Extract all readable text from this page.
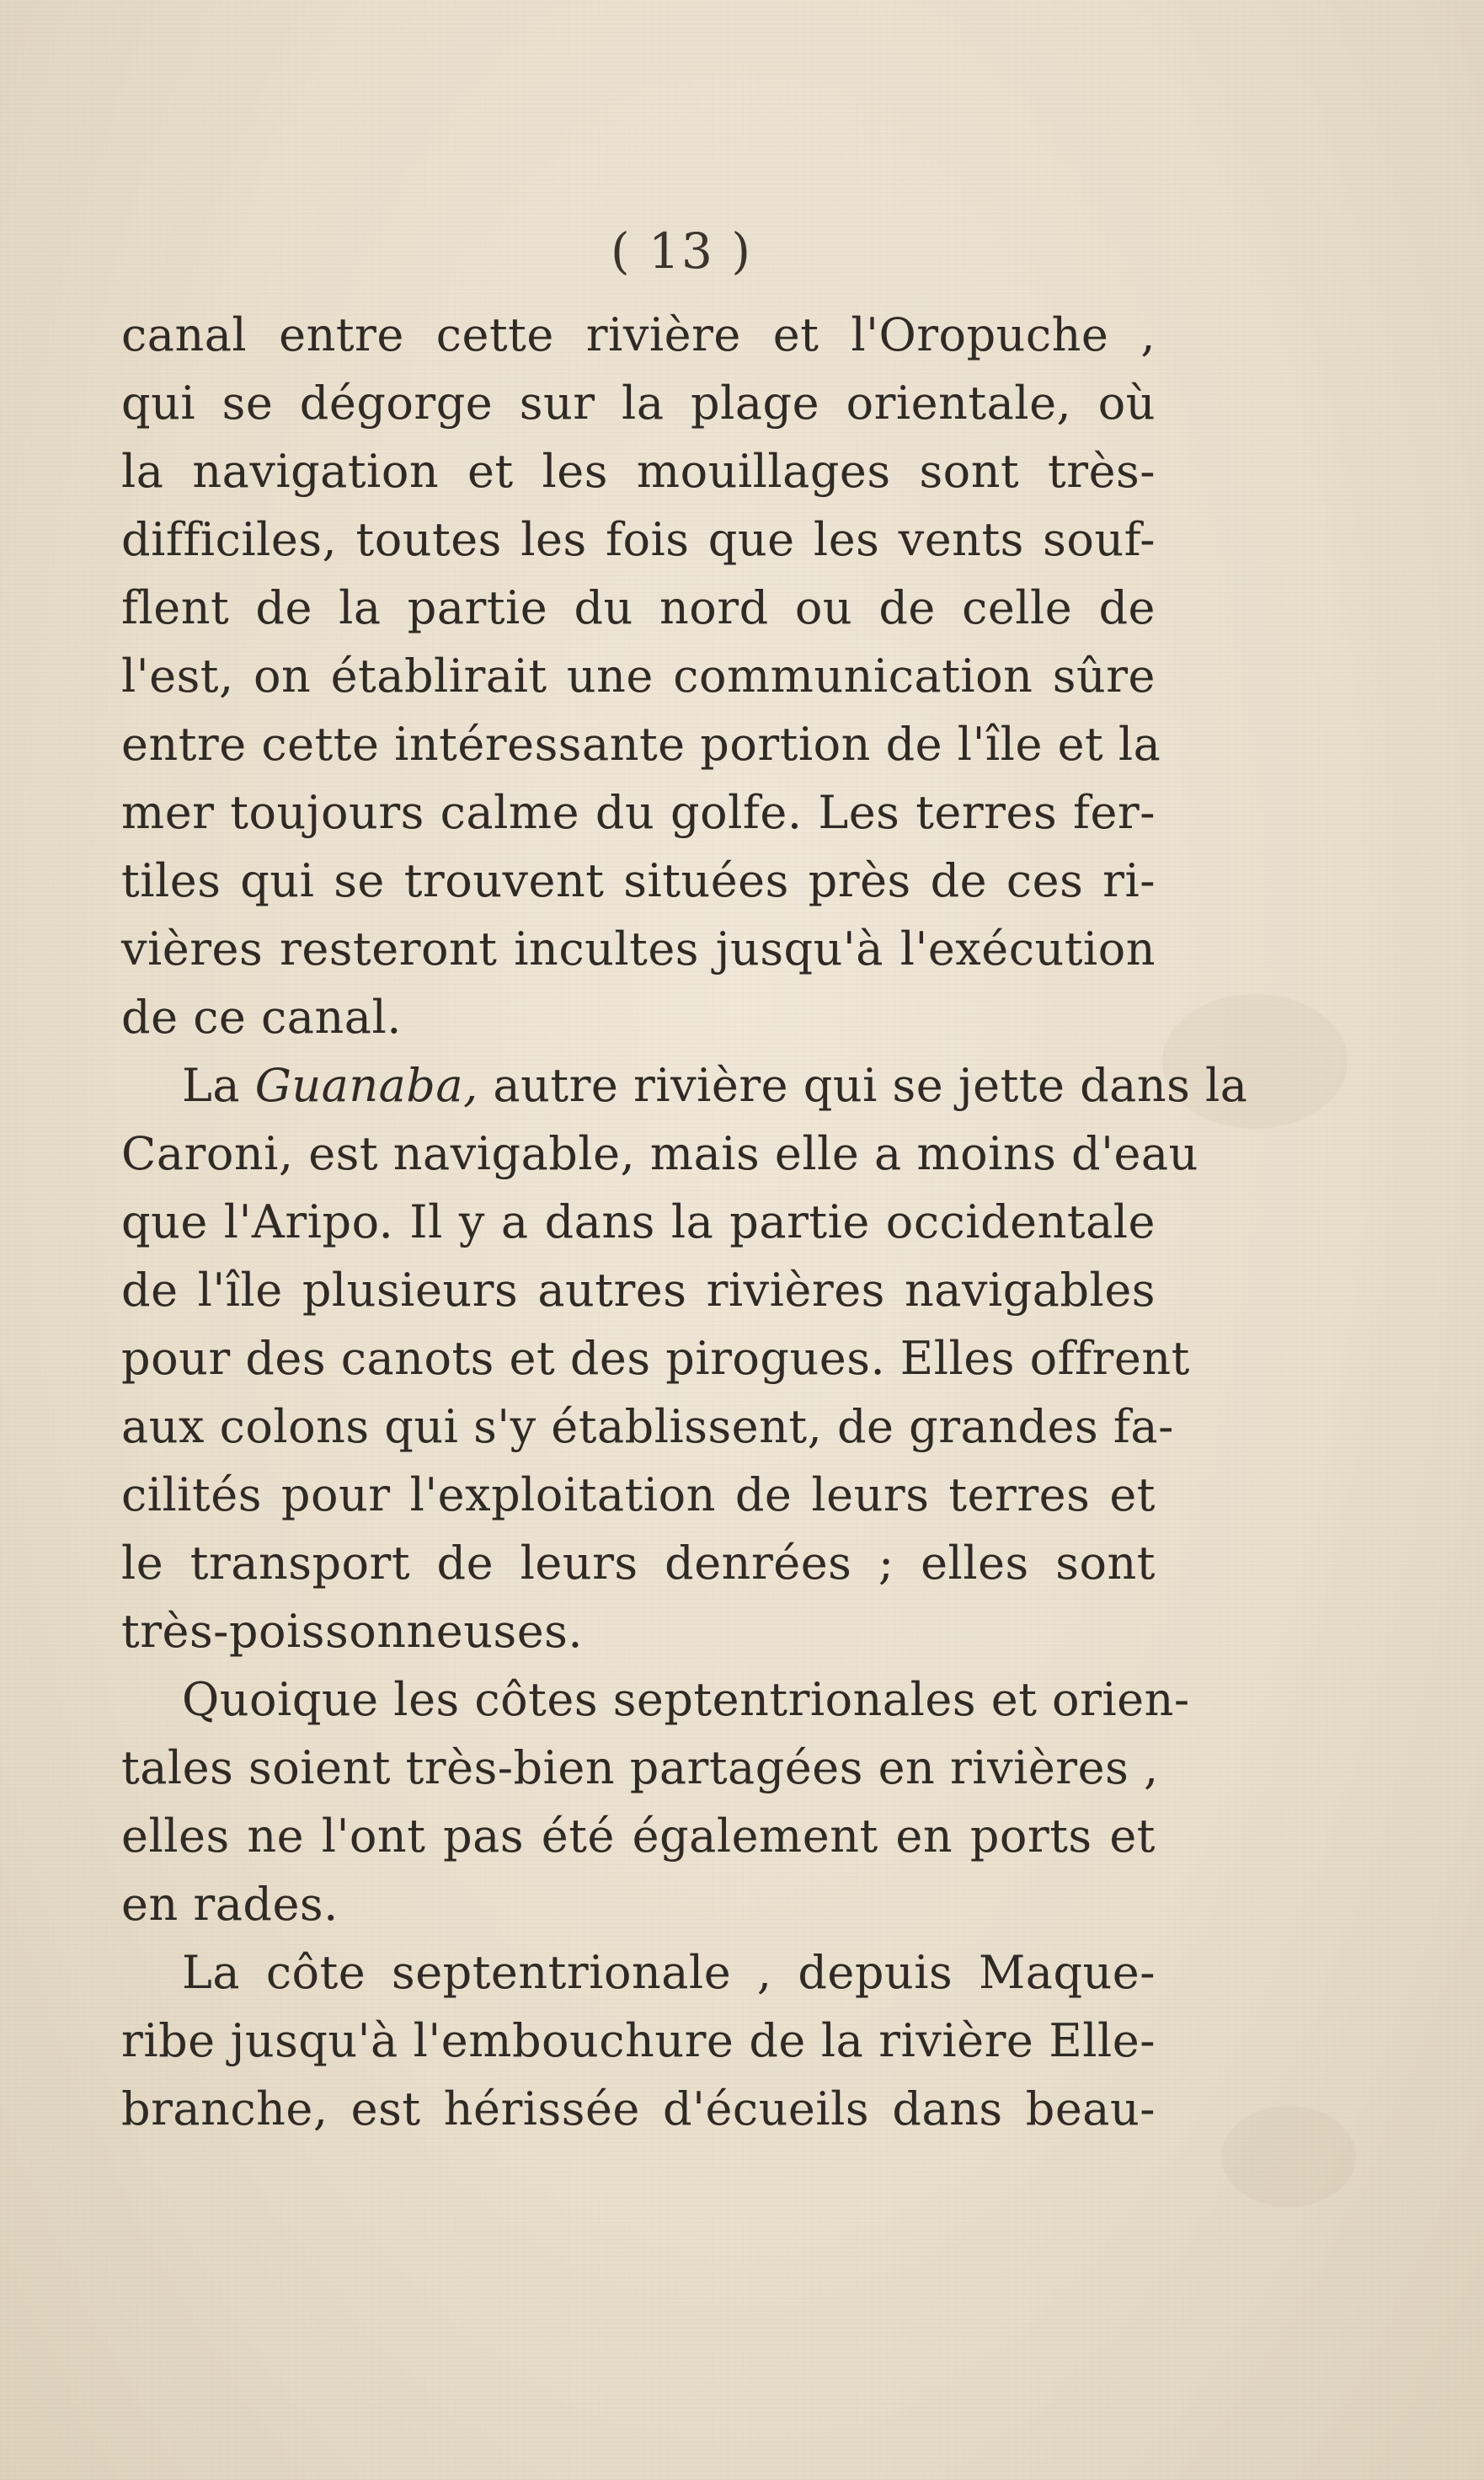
( 13 )
canal entre cette rivière et l'Oropuche ,
qui se dégorge sur la plage orientale, où
la navigation et les mouillages sont très-
difficiles, toutes les fois que les vents souf-
flent de la partie du nord ou de celle de
l'est, on établirait une communication sûre
entre cette intéressante portion de l'île et la
mer toujours calme du golfe. Les terres fer-
tiles qui se trouvent situées près de ces ri-
vières resteront incultes jusqu'à l'exécution
de ce canal.
La Guanaba, autre rivière qui se jette dans la
Caroni, est navigable, mais elle a moins d'eau
que l'Aripo. Il y a dans la partie occidentale
de l'île plusieurs autres rivières navigables
pour des canots et des pirogues. Elles offrent
aux colons qui s'y établissent, de grandes fa-
cilités pour l'exploitation de leurs terres et
le transport de leurs denrées ; elles sont
très-poissonneuses.
Quoique les côtes septentrionales et orien-
tales soient très-bien partagées en rivières ,
elles ne l'ont pas été également en ports et
en rades.
La côte septentrionale , depuis Maque-
ribe jusqu'à l'embouchure de la rivière Elle-
branche, est hérissée d'écueils dans beau-
